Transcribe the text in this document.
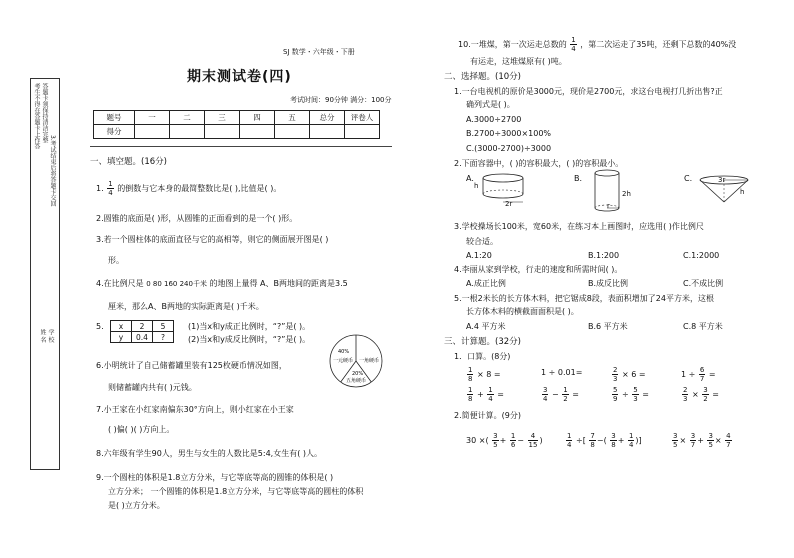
考生不得在答题卡上作答 答题卡须保持清洁完整
3.考试结束后将答题卡交回
姓 名 学 校
SJ 数学・六年级・下册
期末测试卷(四)
考试时间：90分钟 满分：100分
题号	一	二	三	四	五	总分	评卷人
得分							
一、填空题。(16分)
1. $\frac{1}{4}$ 的倒数与它本身的最简整数比是( ),比值是( )。
2.圆锥的底面是( )形，从圆锥的正面看到的是一个( )形。
3.若一个圆柱体的底面直径与它的高相等，则它的侧面展开图是( )
形。
4.在比例尺是 0 80 160 240千米 的地图上量得 A、B两地间的距离是3.5
厘米，那么A、B两地的实际距离是( )千米。
5. x	2	5
y	0.4	?
(1)当x和y成正比例时，“?”是( )。
(2)当x和y成反比例时，“?”是( )。
6.小明统计了自己储蓄罐里装有125枚硬币情况如图，
则储蓄罐内共有( )元钱。
40%
一元硬币 一角硬币
20%
五角硬币
7.小王家在小红家南偏东30°方向上，则小红家在小王家
( )偏( )( )方向上。
8.六年级有学生90人，男生与女生的人数比是5:4,女生有( )人。
9.一个圆柱的体积是1.8立方分米，与它等底等高的圆锥的体积是( )
立方分米； 一个圆锥的体积是1.8立方分米，与它等底等高的圆柱的体积
是( )立方分米。
10.一堆煤，第一次运走总数的 $\frac{1}{4}$ ，第二次运走了35吨，还剩下总数的40%没
有运走，这堆煤原有( )吨。
二、选择题。(10分)
1.一台电视机的原价是3000元，现价是2700元，求这台电视打几折出售?正
确列式是( )。
A.3000÷2700
B.2700÷3000×100%
C.(3000-2700)÷3000
2.下面容器中，( )的容积最大，( )的容积最小。
A.
h
2r
B.
2h
r
C.	3r
h
3.学校操场长100米，宽60米，在练习本上画图时，应选用( )作比例尺
较合适。
A.1:20	B.1:200	C.1:2000
4.李丽从家到学校，行走的速度和所需时间( )。
A.成正比例	B.成反比例	C.不成比例
5.一根2米长的长方体木料，把它锯成8段，表面积增加了24平方米，这根
长方体木料的横截面面积是( )。
A.4 平方米	B.6 平方米	C.8 平方米
三、计算题。(32分)
1．口算。(8分)
$\frac{1}{8} \times 8$ =	1 ÷ 0.01=	$\frac{2}{3} \times 6$ =	$1 \div \frac{6}{7}$ =
$\frac{1}{8} + \frac{1}{4}$ =	$\frac{3}{4} - \frac{1}{2}$ =	$\frac{5}{9} \div \frac{5}{3}$ =	$\frac{2}{3} \times \frac{3}{2}$ =
2.简便计算。(9分)
30 ×( $\frac{3}{5} + \frac{1}{6} - \frac{4}{15}$ )	$\frac{1}{4}$ ÷[ $\frac{7}{8}$ −( $\frac{3}{8} + \frac{1}{4}$ )]	$\frac{3}{5} \times \frac{3}{7} + \frac{3}{5} \times \frac{4}{7}$
